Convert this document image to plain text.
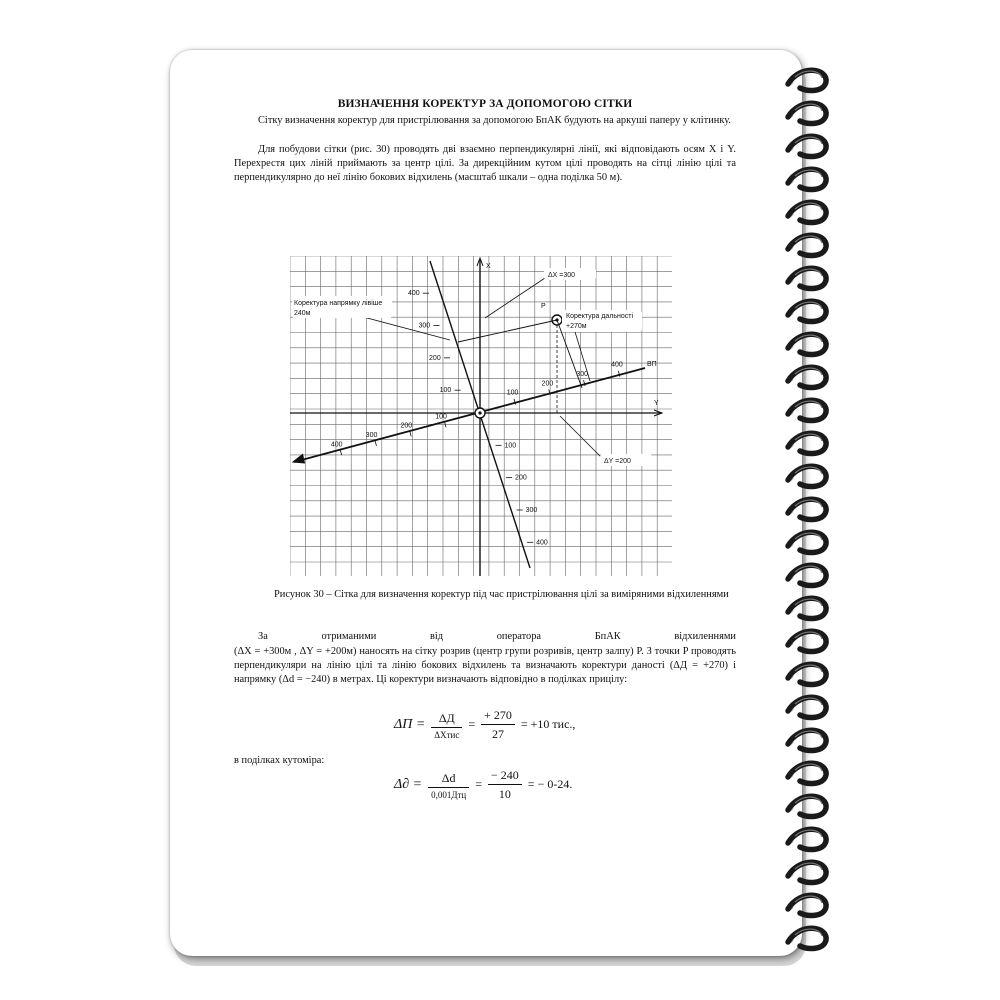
ВИЗНАЧЕННЯ КОРЕКТУР ЗА ДОПОМОГОЮ СІТКИ
Сітку визначення коректур для пристрілювання за допомогою БпАК будують на аркуші паперу у клітинку.
Для побудови сітки (рис. 30) проводять дві взаємно перпендикулярні лінії, які відповідають осям X і Y. Перехрестя цих ліній приймають за центр цілі. За дирекційним кутом цілі проводять на сітці лінію цілі та перпендикулярно до неї лінію бокових відхилень (масштаб шкали – одна поділка 50 м).
X
Y
ВП
P
100
200
300
400
100
200
300
400
100
200
300
400
100
200
300
400
ΔX =300
Коректура напрямку лівіше
240м	Коректура дальності
+270м
ΔY =200
Рисунок 30 – Сітка для визначення коректур під час пристрілювання цілі за виміряними відхиленнями
За отриманими від оператора БпАК відхиленнями
(ΔX = +300м , ΔY = +200м) наносять на сітку розрив (центр групи розривів, центр залпу) P. З точки P проводять перпендикуляри на лінію цілі та лінію бокових відхилень та визначають коректури даності (ΔД = +270) і напрямку (Δd = −240) в метрах. Ці коректури визначають відповідно в поділках прицілу:
$\Delta П = \frac{\Delta Д}{\text{ΔXтис}} = \frac{+ 270}{27} = +10$ тис.,
в поділках кутоміра:
$\Delta\partial = \frac{\Delta d}{\text{0,001Дтц}} = \frac{- 240}{10}$ = − 0-24.
